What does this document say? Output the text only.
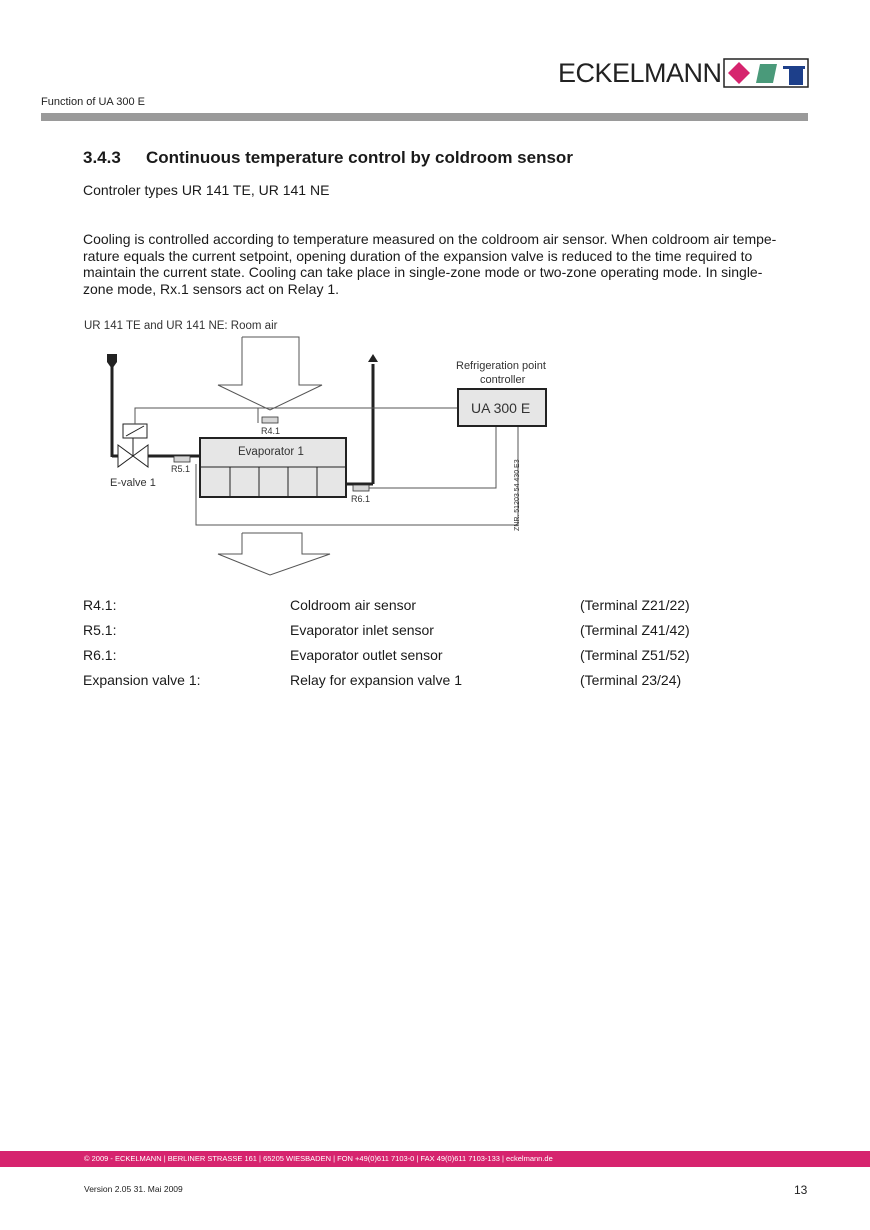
ECKELMANN
Function of UA 300 E
3.4.3 Continuous temperature control by coldroom sensor
Controler types UR 141 TE, UR 141 NE
Cooling is controlled according to temperature measured on the coldroom air sensor. When coldroom air tempe-
rature equals the current setpoint, opening duration of the expansion valve is reduced to the time required to
maintain the current state. Cooling can take place in single-zone mode or two-zone operating mode. In single-
zone mode, Rx.1 sensors act on Relay 1.
UR 141 TE and UR 141 NE: Room air
Evaporator 1
R4.1
R5.1
R6.1
E-valve 1
Refrigeration point
controller
UA 300 E
ZNR. 51203 54 430 E3
R4.1:	Coldroom air sensor	(Terminal Z21/22)
R5.1:	Evaporator inlet sensor	(Terminal Z41/42)
R6.1:	Evaporator outlet sensor	(Terminal Z51/52)
Expansion valve 1:	Relay for expansion valve 1	(Terminal 23/24)
© 2009 - ECKELMANN | BERLINER STRASSE 161 | 65205 WIESBADEN | FON +49(0)611 7103-0 | FAX 49(0)611 7103-133 | eckelmann.de
Version 2.05 31. Mai 2009	13
